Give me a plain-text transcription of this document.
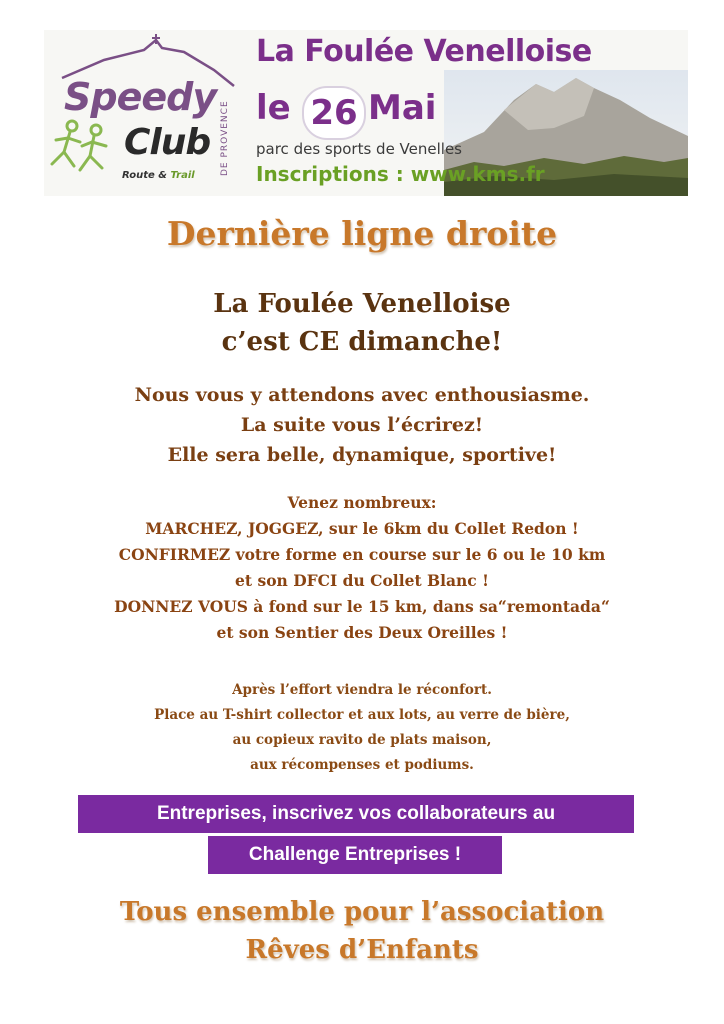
Speedy
Club
Route & Trail	DE PROVENCE
La Foulée Venelloise
le 26 Mai
parc des sports de Venelles
Inscriptions : www.kms.fr
Dernière ligne droite
La Foulée Venelloise
c’est CE dimanche!
Nous vous y attendons avec enthousiasme.
La suite vous l’écrirez!
Elle sera belle, dynamique, sportive!
Venez nombreux:
MARCHEZ, JOGGEZ, sur le 6km du Collet Redon !
CONFIRMEZ votre forme en course sur le 6 ou le 10 km
et son DFCI du Collet Blanc !
DONNEZ VOUS à fond sur le 15 km, dans sa“remontada“
et son Sentier des Deux Oreilles !
Après l’effort viendra le réconfort.
Place au T-shirt collector et aux lots, au verre de bière,
au copieux ravito de plats maison,
aux récompenses et podiums.
Entreprises, inscrivez vos collaborateurs au
Challenge Entreprises !
Tous ensemble pour l’association
Rêves d’Enfants
